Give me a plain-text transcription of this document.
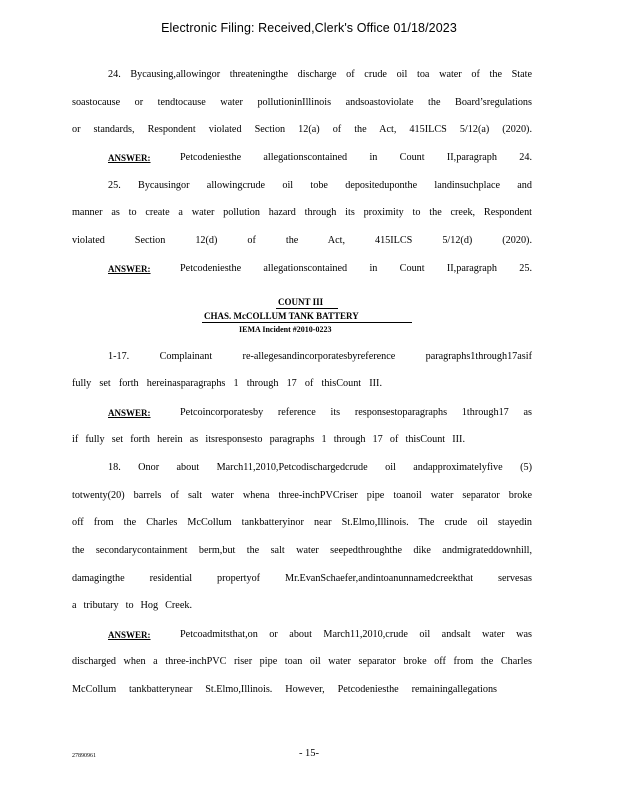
Electronic Filing: Received,Clerk's Office 01/18/2023
24. Bycausing,allowingor threateningthe discharge of crude oil toa water of the State
soastocause or tendtocause water pollutioninIllinois andsoastoviolate the Board’sregulations
or standards, Respondent violated Section 12(a) of the Act, 415ILCS 5/12(a) (2020).
ANSWER:	Petcodeniesthe allegationscontained in Count II,paragraph 24.
25. Bycausingor allowingcrude oil tobe depositeduponthe landinsuchplace and
manner as to create a water pollution hazard through its proximity to the creek, Respondent
violated Section 12(d) of the Act, 415ILCS 5/12(d) (2020).
ANSWER:	Petcodeniesthe allegationscontained in Count II,paragraph 25.
COUNT III
CHAS. McCOLLUM TANK BATTERY
IEMA Incident #2010-0223
1-17. Complainant re-allegesandincorporatesbyreference paragraphs1through17asif
fully set forth hereinasparagraphs 1 through 17 of thisCount III.
ANSWER:	Petcoincorporatesby reference its responsestoparagraphs 1through17 as
if fully set forth herein as itsresponsesto paragraphs 1 through 17 of thisCount III.
18. Onor about March11,2010,Petcodischargedcrude oil andapproximatelyfive (5)
totwenty(20) barrels of salt water whena three-inchPVCriser pipe toanoil water separator broke
off from the Charles McCollum tankbatteryinor near St.Elmo,Illinois. The crude oil stayedin
the secondarycontainment berm,but the salt water seepedthroughthe dike andmigrateddownhill,
damagingthe residential propertyof Mr.EvanSchaefer,andintoanunnamedcreekthat servesas
a tributary to Hog Creek.
ANSWER:	Petcoadmitsthat,on or about March11,2010,crude oil andsalt water was
discharged when a three-inchPVC riser pipe toan oil water separator broke off from the Charles
McCollum tankbatterynear St.Elmo,Illinois. However, Petcodeniesthe remainingallegations
27890961	- 15-
